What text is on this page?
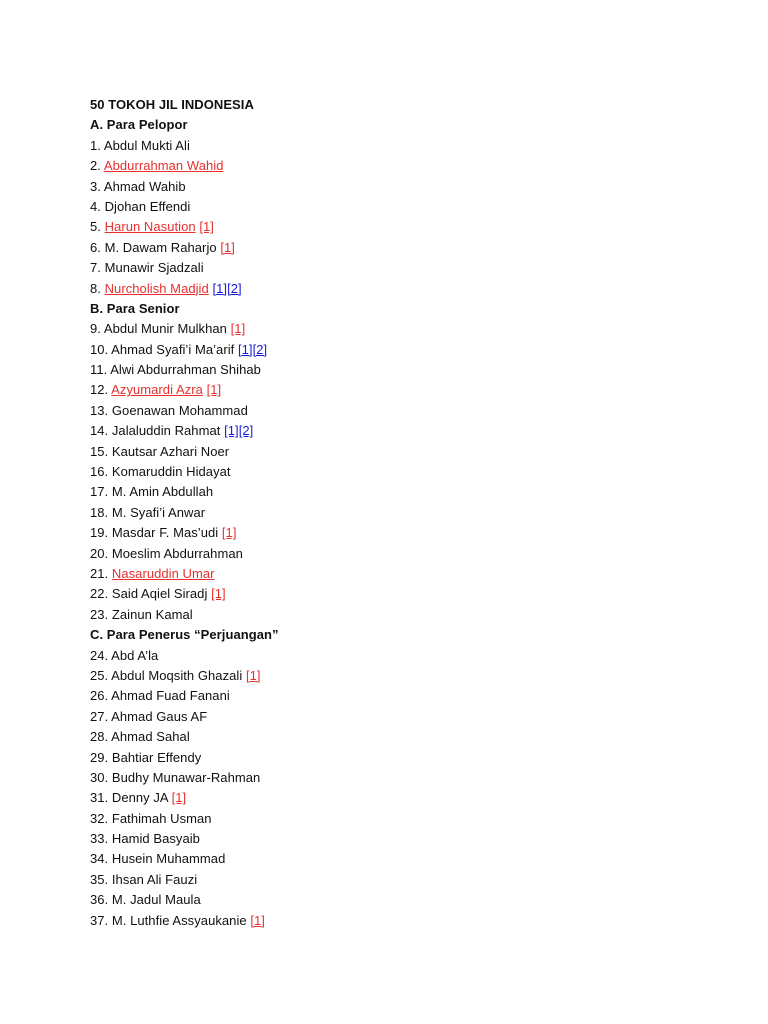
50 TOKOH JIL INDONESIA
A. Para Pelopor
1. Abdul Mukti Ali
2. Abdurrahman Wahid
3. Ahmad Wahib
4. Djohan Effendi
5. Harun Nasution [1]
6. M. Dawam Raharjo [1]
7. Munawir Sjadzali
8. Nurcholish Madjid [1][2]
B. Para Senior
9. Abdul Munir Mulkhan [1]
10. Ahmad Syafi’i Ma’arif [1][2]
11. Alwi Abdurrahman Shihab
12. Azyumardi Azra [1]
13. Goenawan Mohammad
14. Jalaluddin Rahmat [1][2]
15. Kautsar Azhari Noer
16. Komaruddin Hidayat
17. M. Amin Abdullah
18. M. Syafi’i Anwar
19. Masdar F. Mas’udi [1]
20. Moeslim Abdurrahman
21. Nasaruddin Umar
22. Said Aqiel Siradj [1]
23. Zainun Kamal
C. Para Penerus “Perjuangan”
24. Abd A’la
25. Abdul Moqsith Ghazali [1]
26. Ahmad Fuad Fanani
27. Ahmad Gaus AF
28. Ahmad Sahal
29. Bahtiar Effendy
30. Budhy Munawar-Rahman
31. Denny JA [1]
32. Fathimah Usman
33. Hamid Basyaib
34. Husein Muhammad
35. Ihsan Ali Fauzi
36. M. Jadul Maula
37. M. Luthfie Assyaukanie [1]
